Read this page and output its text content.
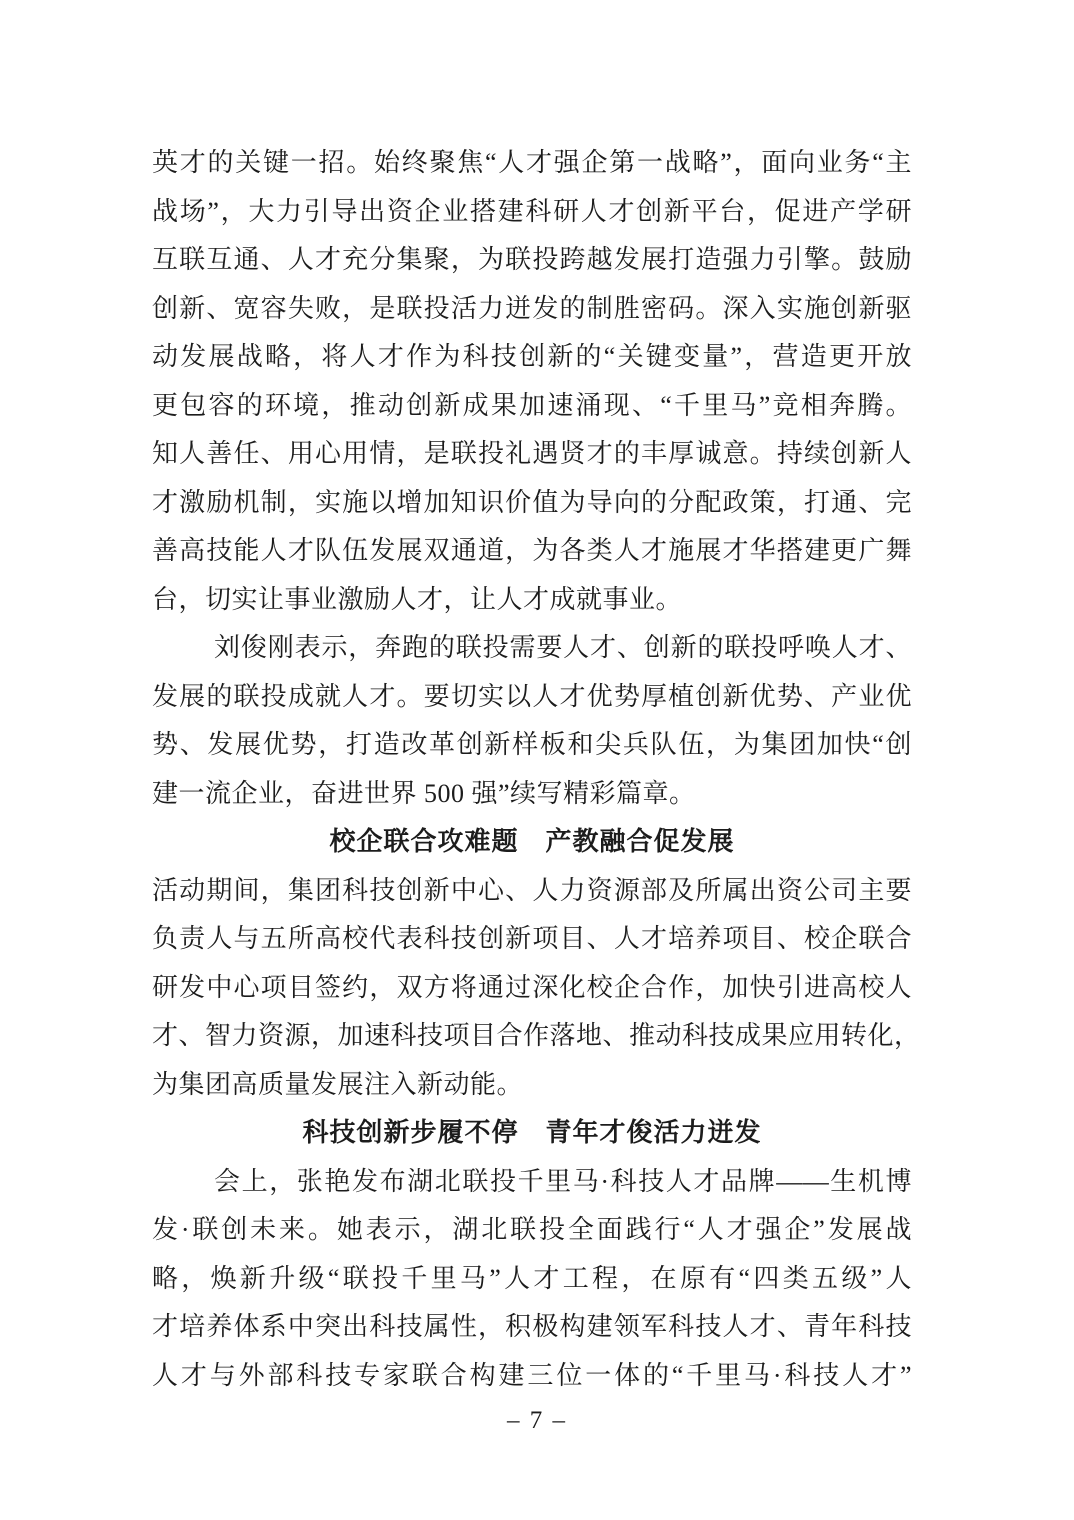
英才的关键一招。始终聚焦“人才强企第一战略”，面向业务“主
战场”，大力引导出资企业搭建科研人才创新平台，促进产学研
互联互通、人才充分集聚，为联投跨越发展打造强力引擎。鼓励
创新、宽容失败，是联投活力迸发的制胜密码。深入实施创新驱
动发展战略，将人才作为科技创新的“关键变量”，营造更开放
更包容的环境，推动创新成果加速涌现、“千里马”竞相奔腾。
知人善任、用心用情，是联投礼遇贤才的丰厚诚意。持续创新人
才激励机制，实施以增加知识价值为导向的分配政策，打通、完
善高技能人才队伍发展双通道，为各类人才施展才华搭建更广舞
台，切实让事业激励人才，让人才成就事业。
刘俊刚表示，奔跑的联投需要人才、创新的联投呼唤人才、
发展的联投成就人才。要切实以人才优势厚植创新优势、产业优
势、发展优势，打造改革创新样板和尖兵队伍，为集团加快“创
建一流企业，奋进世界 500 强”续写精彩篇章。
校企联合攻难题　产教融合促发展
活动期间，集团科技创新中心、人力资源部及所属出资公司主要
负责人与五所高校代表科技创新项目、人才培养项目、校企联合
研发中心项目签约，双方将通过深化校企合作，加快引进高校人
才、智力资源，加速科技项目合作落地、推动科技成果应用转化，
为集团高质量发展注入新动能。
科技创新步履不停　青年才俊活力迸发
会上，张艳发布湖北联投千里马·科技人才品牌——生机博
发·联创未来。她表示，湖北联投全面践行“人才强企”发展战
略，焕新升级“联投千里马”人才工程，在原有“四类五级”人
才培养体系中突出科技属性，积极构建领军科技人才、青年科技
人才与外部科技专家联合构建三位一体的“千里马·科技人才”
– 7 –
